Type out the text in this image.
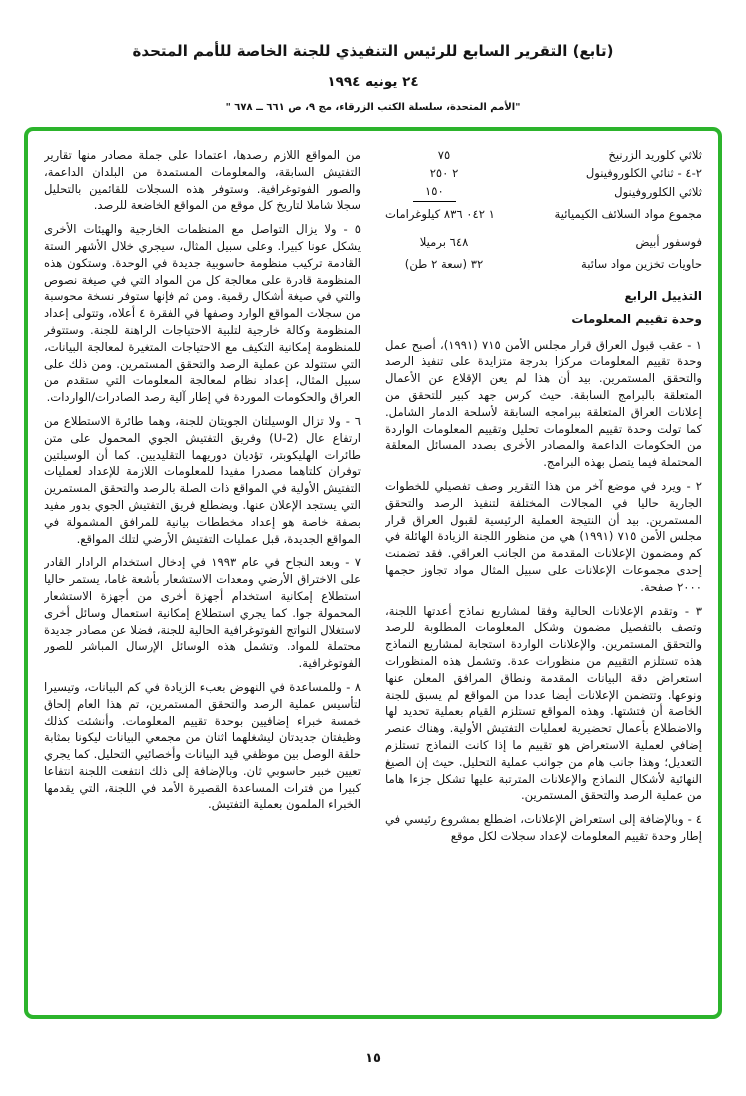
(تابع) التقرير السابع للرئيس التنفيذي للجنة الخاصة للأمم المتحدة
٢٤ يونيه ١٩٩٤
"الأمم المتحدة، سلسلة الكتب الزرقاء، مج ٩، ص ٦٦١ ــ ٦٧٨ "
ثلاثي كلوريد الزرنيخ
٧٥
٢-٤ - ثنائي الكلوروفينول
٢ ٢٥٠
ثلاثي الكلوروفينول
١٥٠
مجموع مواد السلائف الكيميائية
١ ٠٤٢ ٨٣٦ كيلوغرامات
فوسفور أبيض
٦٤٨ برميلا
حاويات تخزين مواد سائبة
٣٢ (سعة ٢ طن)
التذييل الرابع
وحدة تقييم المعلومات

١ - عقب قبول العراق قرار مجلس الأمن ٧١٥ (١٩٩١)، أصبح عمل وحدة تقييم المعلومات مركزا بدرجة متزايدة على تنفيذ الرصد والتحقق المستمرين. بيد أن هذا لم يعن الإقلاع عن الأعمال المتعلقة بالبرامج السابقة. حيث كرس جهد كبير للتحقق من إعلانات العراق المتعلقة ببرامجه السابقة لأسلحة الدمار الشامل. كما تولت وحدة تقييم المعلومات تحليل وتقييم المعلومات الواردة من الحكومات الداعمة والمصادر الأخرى بصدد المسائل المعلقة المحتملة فيما يتصل بهذه البرامج.

٢ - ويرد في موضع آخر من هذا التقرير وصف تفصيلي للخطوات الجارية حاليا في المجالات المختلفة لتنفيذ الرصد والتحقق المستمرين. بيد أن النتيجة العملية الرئيسية لقبول العراق قرار مجلس الأمن ٧١٥ (١٩٩١) هي من منظور اللجنة الزيادة الهائلة في كم ومضمون الإعلانات المقدمة من الجانب العراقي. فقد تضمنت إحدى مجموعات الإعلانات على سبيل المثال مواد تجاوز حجمها ٢٠٠٠ صفحة.

٣ - وتقدم الإعلانات الحالية وفقا لمشاريع نماذج أعدتها اللجنة، وتصف بالتفصيل مضمون وشكل المعلومات المطلوبة للرصد والتحقق المستمرين. والإعلانات الواردة استجابة لمشاريع النماذج هذه تستلزم التقييم من منظورات عدة. وتشمل هذه المنظورات استعراض دقة البيانات المقدمة ونطاق المرافق المعلن عنها ونوعها. وتتضمن الإعلانات أيضا عددا من المواقع لم يسبق للجنة الخاصة أن فتشتها. وهذه المواقع تستلزم القيام بعملية تحديد لها والاضطلاع بأعمال تحضيرية لعمليات التفتيش الأولية. وهناك عنصر إضافي لعملية الاستعراض هو تقييم ما إذا كانت النماذج تستلزم التعديل؛ وهذا جانب هام من جوانب عملية التحليل. حيث إن الصيغ النهائية لأشكال النماذج والإعلانات المترتبة عليها تشكل جزءا هاما من عملية الرصد والتحقق المستمرين.

٤ - وبالإضافة إلى استعراض الإعلانات، اضطلع بمشروع رئيسي في إطار وحدة تقييم المعلومات لإعداد سجلات لكل موقع

من المواقع اللازم رصدها، اعتمادا على جملة مصادر منها تقارير التفتيش السابقة، والمعلومات المستمدة من البلدان الداعمة، والصور الفوتوغرافية. وستوفر هذه السجلات للقائمين بالتحليل سجلا شاملا لتاريخ كل موقع من المواقع الخاضعة للرصد.

٥ - ولا يزال التواصل مع المنظمات الخارجية والهيئات الأخرى يشكل عونا كبيرا. وعلى سبيل المثال، سيجري خلال الأشهر الستة القادمة تركيب منظومة حاسوبية جديدة في الوحدة. وستكون هذه المنظومة قادرة على معالجة كل من المواد التي في صيغة نصوص والتي في صيغة أشكال رقمية. ومن ثم فإنها ستوفر نسخة محوسبة من سجلات المواقع الوارد وصفها في الفقرة ٤ أعلاه، وتتولى إعداد المنظومة وكالة خارجية لتلبية الاحتياجات الراهنة للجنة. وستتوفر للمنظومة إمكانية التكيف مع الاحتياجات المتغيرة لمعالجة البيانات، التي ستتولد عن عملية الرصد والتحقق المستمرين. ومن ذلك على سبيل المثال، إعداد نظام لمعالجة المعلومات التي ستقدم من العراق والحكومات الموردة في إطار آلية رصد الصادرات/الواردات.

٦ - ولا تزال الوسيلتان الجويتان للجنة، وهما طائرة الاستطلاع من ارتفاع عال (U-2) وفريق التفتيش الجوي المحمول على متن طائرات الهليكوبتر، تؤديان دوريهما التقليديين. كما أن الوسيلتين توفران كلتاهما مصدرا مفيدا للمعلومات اللازمة للإعداد لعمليات التفتيش الأولية في المواقع ذات الصلة بالرصد والتحقق المستمرين التي يستجد الإعلان عنها. ويضطلع فريق التفتيش الجوي بدور مفيد بصفة خاصة هو إعداد مخططات بيانية للمرافق المشمولة في المواقع الجديدة، قبل عمليات التفتيش الأرضي لتلك المواقع.

٧ - وبعد النجاح في عام ١٩٩٣ في إدخال استخدام الرادار القادر على الاختراق الأرضي ومعدات الاستشعار بأشعة غاما، يستمر حاليا استطلاع إمكانية استخدام أجهزة أخرى من أجهزة الاستشعار المحمولة جوا. كما يجري استطلاع إمكانية استعمال وسائل أخرى لاستغلال النواتج الفوتوغرافية الحالية للجنة، فضلا عن مصادر جديدة محتملة للمواد. وتشمل هذه الوسائل الإرسال المباشر للصور الفوتوغرافية.

٨ - وللمساعدة في النهوض بعبء الزيادة في كم البيانات، وتيسيرا لتأسيس عملية الرصد والتحقق المستمرين، تم هذا العام إلحاق خمسة خبراء إضافيين بوحدة تقييم المعلومات. وأنشئت كذلك وظيفتان جديدتان ليشغلهما اثنان من مجمعي البيانات ليكونا بمثابة حلقة الوصل بين موظفي قيد البيانات وأخصائيي التحليل. كما يجري تعيين خبير حاسوبي ثان. وبالإضافة إلى ذلك انتفعت اللجنة انتفاعا كبيرا من فترات المساعدة القصيرة الأمد في اللجنة، التي يقدمها الخبراء الملمون بعملية التفتيش.

١٥
